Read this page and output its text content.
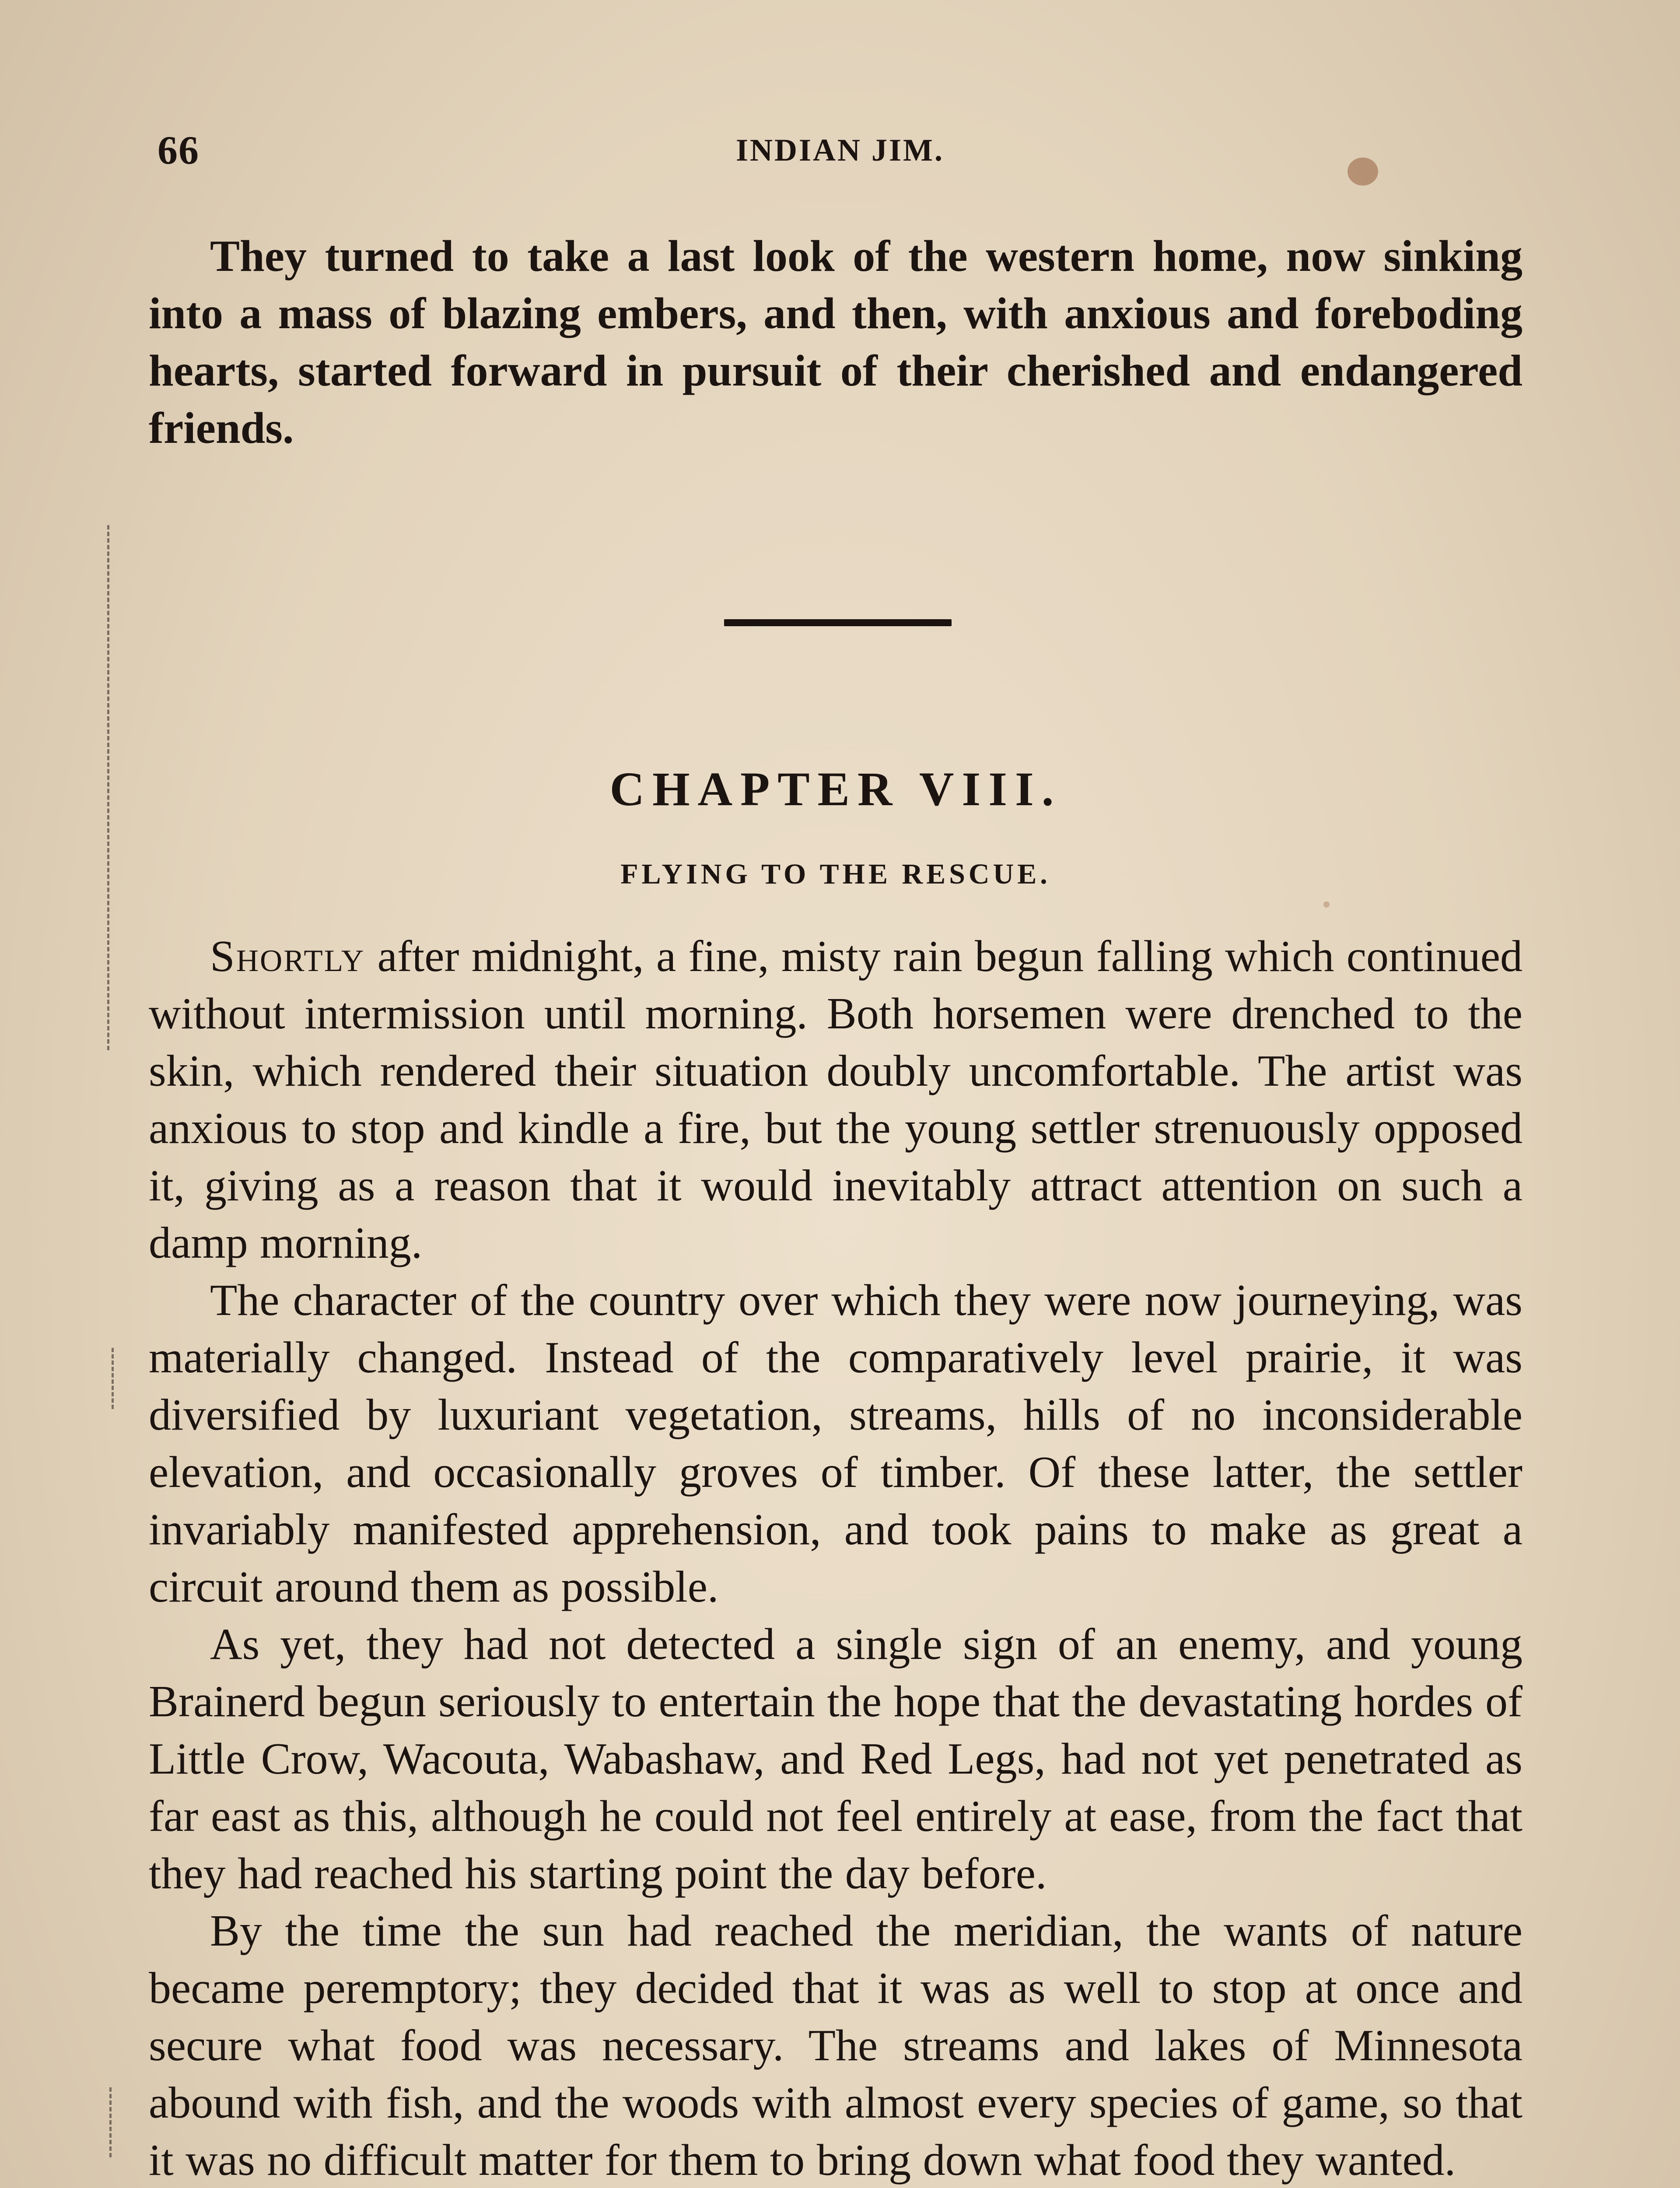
66	INDIAN JIM.

They turned to take a last look of the western home, now sinking into a mass of blazing embers, and then, with anxious and foreboding hearts, started forward in pursuit of their cherished and endangered friends.

CHAPTER VIII.
FLYING TO THE RESCUE.

Shortly after midnight, a fine, misty rain begun falling which continued without intermission until morning. Both horsemen were drenched to the skin, which rendered their situation doubly uncomfortable. The artist was anxious to stop and kindle a fire, but the young settler strenuously opposed it, giving as a reason that it would inevitably attract attention on such a damp morning.

The character of the country over which they were now journeying, was materially changed. Instead of the comparatively level prairie, it was diversified by luxuriant vegetation, streams, hills of no inconsiderable elevation, and occasionally groves of timber. Of these latter, the settler invariably manifested apprehension, and took pains to make as great a circuit around them as possible.

As yet, they had not detected a single sign of an enemy, and young Brainerd begun seriously to entertain the hope that the devastating hordes of Little Crow, Wacouta, Wabashaw, and Red Legs, had not yet penetrated as far east as this, although he could not feel entirely at ease, from the fact that they had reached his starting point the day before.

By the time the sun had reached the meridian, the wants of nature became peremptory; they decided that it was as well to stop at once and secure what food was necessary. The streams and lakes of Minnesota abound with fish, and the woods with almost every species of game, so that it was no difficult matter for them to bring down what food they wanted.
